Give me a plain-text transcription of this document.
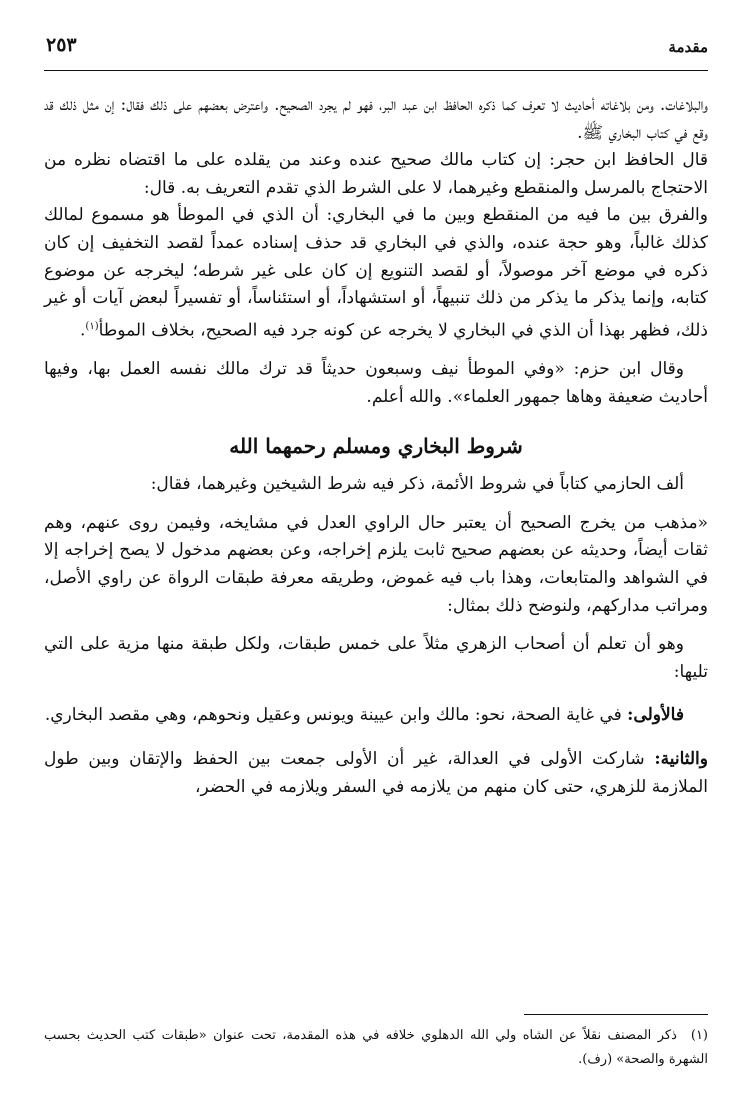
٢٥٣	مقدمة

والبلاغات. ومن بلاغاته أحاديث لا تعرف كما ذكره الحافظ ابن عبد البر، فهو لم يجرد الصحيح. واعترض بعضهم على ذلك فقال: إن مثل ذلك قد وقع في كتاب البخاري ﷺ.

قال الحافظ ابن حجر: إن كتاب مالك صحيح عنده وعند من يقلده على ما اقتضاه نظره من الاحتجاج بالمرسل والمنقطع وغيرهما، لا على الشرط الذي تقدم التعريف به. قال:

والفرق بين ما فيه من المنقطع وبين ما في البخاري: أن الذي في الموطأ هو مسموع لمالك كذلك غالباً، وهو حجة عنده، والذي في البخاري قد حذف إسناده عمداً لقصد التخفيف إن كان ذكره في موضع آخر موصولاً، أو لقصد التنويع إن كان على غير شرطه؛ ليخرجه عن موضوع كتابه، وإنما يذكر ما يذكر من ذلك تنبيهاً، أو استشهاداً، أو استئناساً، أو تفسيراً لبعض آيات أو غير ذلك، فظهر بهذا أن الذي في البخاري لا يخرجه عن كونه جرد فيه الصحيح، بخلاف الموطأ$^{(١)}$.

وقال ابن حزم: «وفي الموطأ نيف وسبعون حديثاً قد ترك مالك نفسه العمل بها، وفيها أحاديث ضعيفة وهاها جمهور العلماء». والله أعلم.

شروط البخاري ومسلم رحمهما الله

ألف الحازمي كتاباً في شروط الأئمة، ذكر فيه شرط الشيخين وغيرهما، فقال:

«مذهب من يخرج الصحيح أن يعتبر حال الراوي العدل في مشايخه، وفيمن روى عنهم، وهم ثقات أيضاً، وحديثه عن بعضهم صحيح ثابت يلزم إخراجه، وعن بعضهم مدخول لا يصح إخراجه إلا في الشواهد والمتابعات، وهذا باب فيه غموض، وطريقه معرفة طبقات الرواة عن راوي الأصل، ومراتب مداركهم، ولنوضح ذلك بمثال:

وهو أن تعلم أن أصحاب الزهري مثلاً على خمس طبقات، ولكل طبقة منها مزية على التي تليها:

فالأولى: في غاية الصحة، نحو: مالك وابن عيينة ويونس وعقيل ونحوهم، وهي مقصد البخاري.

والثانية: شاركت الأولى في العدالة، غير أن الأولى جمعت بين الحفظ والإتقان وبين طول الملازمة للزهري، حتى كان منهم من يلازمه في السفر ويلازمه في الحضر،

(١)ذكر المصنف نقلاً عن الشاه ولي الله الدهلوي خلافه في هذه المقدمة، تحت عنوان «طبقات كتب الحديث بحسب الشهرة والصحة» (رف).
